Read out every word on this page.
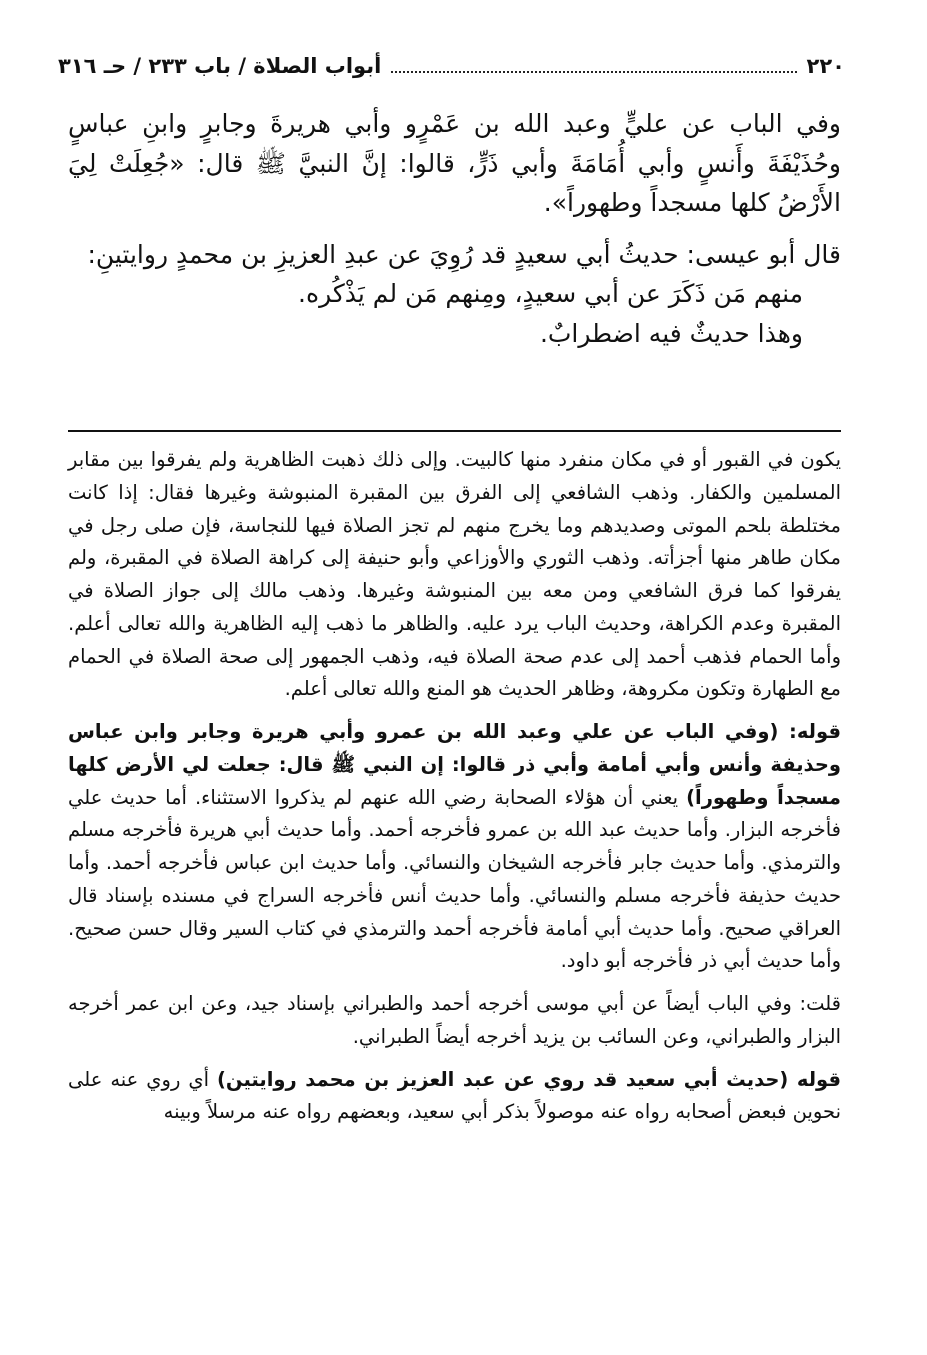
٢٢٠
أبواب الصلاة / باب ٢٣٣ / حـ ٣١٦

وفي الباب عن عليٍّ وعبد الله بن عَمْرٍو وأبي هريرةَ وجابرٍ وابنِ عباسٍ وحُذَيْفَةَ وأَنسٍ وأبي أُمَامَةَ وأبي ذَرٍّ، قالوا: إنَّ النبيَّ ﷺ قال: «جُعِلَتْ لِيَ الأَرْضُ كلها مسجداً وطهوراً».

قال أبو عيسى: حديثُ أبي سعيدٍ قد رُوِيَ عن عبدِ العزيزِ بن محمدٍ روايتينِ:

منهم مَن ذَكَرَ عن أبي سعيدٍ، ومِنهم مَن لم يَذْكُره.

وهذا حديثٌ فيه اضطرابٌ.

يكون في القبور أو في مكان منفرد منها كالبيت. وإلى ذلك ذهبت الظاهرية ولم يفرقوا بين مقابر المسلمين والكفار. وذهب الشافعي إلى الفرق بين المقبرة المنبوشة وغيرها فقال: إذا كانت مختلطة بلحم الموتى وصديدهم وما يخرج منهم لم تجز الصلاة فيها للنجاسة، فإن صلى رجل في مكان طاهر منها أجزأته. وذهب الثوري والأوزاعي وأبو حنيفة إلى كراهة الصلاة في المقبرة، ولم يفرقوا كما فرق الشافعي ومن معه بين المنبوشة وغيرها. وذهب مالك إلى جواز الصلاة في المقبرة وعدم الكراهة، وحديث الباب يرد عليه. والظاهر ما ذهب إليه الظاهرية والله تعالى أعلم. وأما الحمام فذهب أحمد إلى عدم صحة الصلاة فيه، وذهب الجمهور إلى صحة الصلاة في الحمام مع الطهارة وتكون مكروهة، وظاهر الحديث هو المنع والله تعالى أعلم.

قوله: (وفي الباب عن علي وعبد الله بن عمرو وأبي هريرة وجابر وابن عباس وحذيفة وأنس وأبي أمامة وأبي ذر قالوا: إن النبي ﷺ قال: جعلت لي الأرض كلها مسجداً وطهوراً) يعني أن هؤلاء الصحابة رضي الله عنهم لم يذكروا الاستثناء. أما حديث علي فأخرجه البزار. وأما حديث عبد الله بن عمرو فأخرجه أحمد. وأما حديث أبي هريرة فأخرجه مسلم والترمذي. وأما حديث جابر فأخرجه الشيخان والنسائي. وأما حديث ابن عباس فأخرجه أحمد. وأما حديث حذيفة فأخرجه مسلم والنسائي. وأما حديث أنس فأخرجه السراج في مسنده بإسناد قال العراقي صحيح. وأما حديث أبي أمامة فأخرجه أحمد والترمذي في كتاب السير وقال حسن صحيح. وأما حديث أبي ذر فأخرجه أبو داود.

قلت: وفي الباب أيضاً عن أبي موسى أخرجه أحمد والطبراني بإسناد جيد، وعن ابن عمر أخرجه البزار والطبراني، وعن السائب بن يزيد أخرجه أيضاً الطبراني.

قوله (حديث أبي سعيد قد روي عن عبد العزيز بن محمد روايتين) أي روي عنه على نحوين فبعض أصحابه رواه عنه موصولاً بذكر أبي سعيد، وبعضهم رواه عنه مرسلاً وبينه
